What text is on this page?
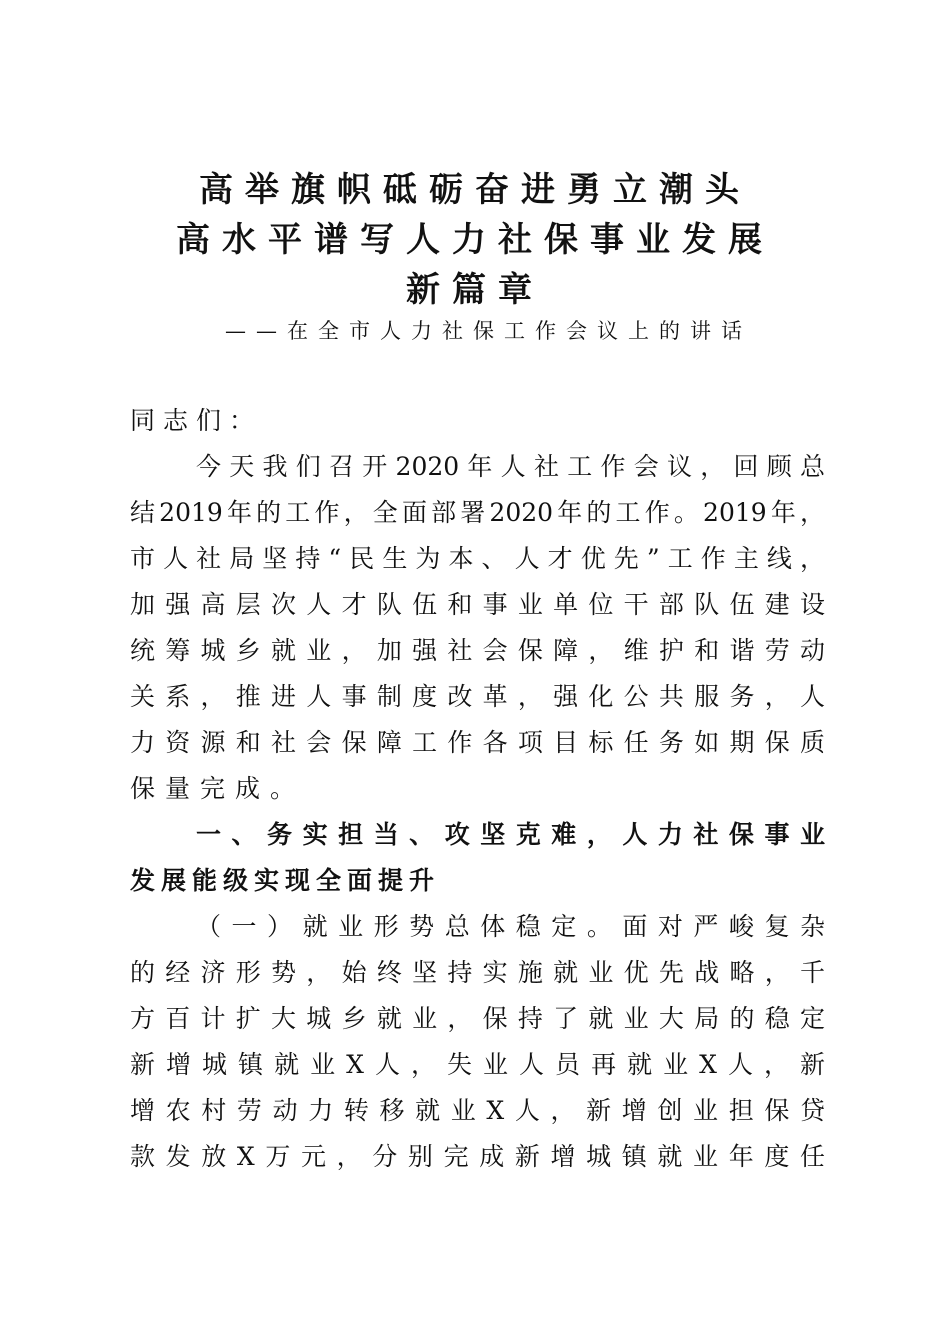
高举旗帜砥砺奋进勇立潮头

高水平谱写人力社保事业发展

新篇章

——在全市人力社保工作会议上的讲话
同志们：
今天我们召开2020年人社工作会议，回顾总
结2019年的工作，全面部署2020年的工作。2019年，
市人社局坚持“民生为本、人才优先”工作主线，
加强高层次人才队伍和事业单位干部队伍建设
统筹城乡就业，加强社会保障，维护和谐劳动
关系，推进人事制度改革，强化公共服务，人
力资源和社会保障工作各项目标任务如期保质
保量完成。
一、务实担当、攻坚克难，人力社保事业
发展能级实现全面提升
（一）就业形势总体稳定。面对严峻复杂
的经济形势，始终坚持实施就业优先战略，千
方百计扩大城乡就业，保持了就业大局的稳定
新增城镇就业X人，失业人员再就业X人，新
增农村劳动力转移就业X人，新增创业担保贷
款发放X万元，分别完成新增城镇就业年度任
